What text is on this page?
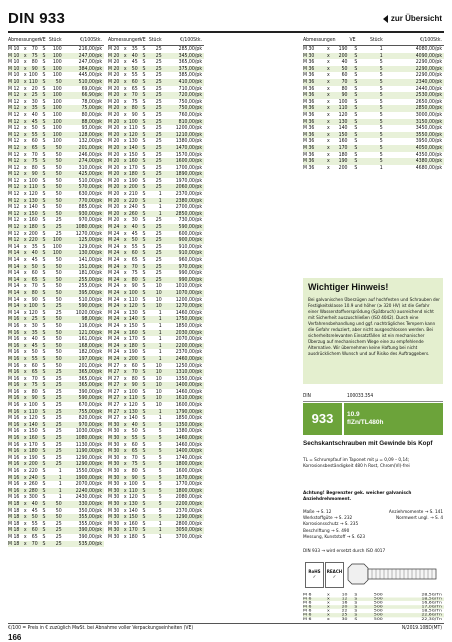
DIN 933	zur Übersicht
Abmessungen			VE	Stück	€/100Stk.
M 10	x	70	S	100	216,00/pk
M 10	x	75	S	100	247,00/pk
M 10	x	80	S	100	247,00/pk
M 10	x	90	S	100	384,00/pk
M 10	x	100	S	100	445,00/pk
M 10	x	110	S	50	510,00/pk
M 12	x	20	S	100	69,00/pk
M 12	x	25	S	100	66,90/pk
M 12	x	30	S	100	78,00/pk
M 12	x	35	S	100	75,00/pk
M 12	x	40	S	100	80,00/pk
M 12	x	45	S	100	88,00/pk
M 12	x	50	S	100	93,00/pk
M 12	x	55	S	100	128,00/pk
M 12	x	60	S	100	132,00/pk
M 12	x	65	S	50	201,00/pk
M 12	x	70	S	50	246,00/pk
M 12	x	75	S	50	274,00/pk
M 12	x	80	S	50	310,00/pk
M 12	x	90	S	50	425,00/pk
M 12	x	100	S	50	510,00/pk
M 12	x	110	S	50	570,00/pk
M 12	x	120	S	50	630,00/pk
M 12	x	130	S	50	770,00/pk
M 12	x	140	S	50	885,00/pk
M 12	x	150	S	50	930,00/pk
M 12	x	160	S	25	970,00/pk
M 12	x	180	S	25	1080,00/pk
M 12	x	200	S	25	1270,00/pk
M 12	x	220	S	100	125,00/pk
M 14	x	35	S	100	129,00/pk
M 14	x	40	S	100	130,00/pk
M 14	x	45	S	50	141,00/pk
M 14	x	50	S	50	151,00/pk
M 14	x	60	S	50	181,00/pk
M 14	x	65	S	50	255,00/pk
M 14	x	70	S	50	255,00/pk
M 14	x	80	S	50	395,00/pk
M 14	x	90	S	50	510,00/pk
M 14	x	100	S	25	590,00/pk
M 14	x	120	S	25	1020,00/pk
M 16	x	25	S	50	98,00/pk
M 16	x	30	S	50	116,00/pk
M 16	x	35	S	50	121,00/pk
M 16	x	40	S	50	161,00/pk
M 16	x	45	S	50	168,00/pk
M 16	x	50	S	50	182,00/pk
M 16	x	55	S	50	197,00/pk
M 16	x	60	S	50	201,00/pk
M 16	x	65	S	25	365,00/pk
M 16	x	70	S	25	365,00/pk
M 16	x	75	S	25	365,00/pk
M 16	x	80	S	25	390,00/pk
M 16	x	90	S	25	590,00/pk
M 16	x	100	S	25	670,00/pk
M 16	x	110	S	25	755,00/pk
M 16	x	120	S	25	820,00/pk
M 16	x	140	S	25	970,00/pk
M 16	x	150	S	25	1030,00/pk
M 16	x	160	S	25	1080,00/pk
M 16	x	170	S	25	1130,00/pk
M 16	x	180	S	25	1190,00/pk
M 16	x	190	S	25	1290,00/pk
M 16	x	200	S	25	1290,00/pk
M 16	x	220	S	1	1550,00/pk
M 16	x	240	S	1	1900,00/pk
M 16	x	260	S	1	2070,00/pk
M 16	x	280	S	1	2240,00/pk
M 16	x	300	S	1	2430,00/pk
M 18	x	40	S	50	330,00/pk
M 18	x	45	S	50	350,00/pk
M 18	x	50	S	50	355,00/pk
M 18	x	55	S	25	355,00/pk
M 18	x	60	S	25	390,00/pk
M 18	x	65	S	25	390,00/pk
M 18	x	70	S	25	535,00/pk
Abmessungen			VE	Stück	€/100Stk.
M 20	x	35	S	25	285,00/pk
M 20	x	40	S	25	345,00/pk
M 20	x	45	S	25	365,00/pk
M 20	x	50	S	25	375,00/pk
M 20	x	55	S	25	385,00/pk
M 20	x	60	S	25	410,00/pk
M 20	x	65	S	25	710,00/pk
M 20	x	70	S	25	720,00/pk
M 20	x	75	S	25	750,00/pk
M 20	x	80	S	25	750,00/pk
M 20	x	90	S	25	760,00/pk
M 20	x	100	S	25	810,00/pk
M 20	x	110	S	25	1200,00/pk
M 20	x	120	S	25	1210,00/pk
M 20	x	130	S	25	1380,00/pk
M 20	x	140	S	25	1470,00/pk
M 20	x	150	S	25	1570,00/pk
M 20	x	160	S	25	1600,00/pk
M 20	x	170	S	25	1700,00/pk
M 20	x	180	S	25	1890,00/pk
M 20	x	190	S	25	1970,00/pk
M 20	x	200	S	25	2060,00/pk
M 20	x	210	S	1	2370,00/pk
M 20	x	220	S	1	2380,00/pk
M 20	x	240	S	1	2700,00/pk
M 20	x	260	S	1	2850,00/pk
M 20	x	30	S	25	730,00/pk
M 24	x	40	S	25	590,00/pk
M 24	x	45	S	25	600,00/pk
M 24	x	50	S	25	900,00/pk
M 24	x	55	S	25	910,00/pk
M 24	x	60	S	25	910,00/pk
M 24	x	65	S	25	960,00/pk
M 24	x	70	S	25	970,00/pk
M 24	x	75	S	25	990,00/pk
M 24	x	80	S	25	990,00/pk
M 24	x	90	S	10	1010,00/pk
M 24	x	100	S	10	1070,00/pk
M 24	x	110	S	10	1200,00/pk
M 24	x	120	S	10	1270,00/pk
M 24	x	130	S	1	1460,00/pk
M 24	x	140	S	1	1750,00/pk
M 24	x	150	S	1	1850,00/pk
M 24	x	160	S	1	2030,00/pk
M 24	x	170	S	1	2070,00/pk
M 24	x	180	S	1	2200,00/pk
M 24	x	190	S	1	2370,00/pk
M 24	x	200	S	1	2460,00/pk
M 27	x	60	S	10	1250,00/pk
M 27	x	70	S	10	1310,00/pk
M 27	x	80	S	10	1350,00/pk
M 27	x	90	S	10	1400,00/pk
M 27	x	100	S	10	1460,00/pk
M 27	x	110	S	10	1610,00/pk
M 27	x	120	S	10	1600,00/pk
M 27	x	130	S	1	1790,00/pk
M 27	x	140	S	1	1850,00/pk
M 30	x	40	S	5	1350,00/pk
M 30	x	50	S	5	1380,00/pk
M 30	x	55	S	5	1460,00/pk
M 30	x	60	S	5	1460,00/pk
M 30	x	65	S	5	1400,00/pk
M 30	x	70	S	5	1740,00/pk
M 30	x	75	S	5	1800,00/pk
M 30	x	80	S	5	1600,00/pk
M 30	x	90	S	5	1670,00/pk
M 30	x	100	S	5	1770,00/pk
M 30	x	110	S	5	1800,00/pk
M 30	x	120	S	5	2080,00/pk
M 30	x	130	S	5	2200,00/pk
M 30	x	140	S	5	2370,00/pk
M 30	x	150	S	5	1290,00/pk
M 30	x	160	S	1	2800,00/pk
M 30	x	170	S	1	3050,00/pk
M 30	x	180	S	1	3700,00/pk
Abmessungen			VE	Stück	€/100Stk.
M 30	x	190	S	1	4080,00/pk
M 30	x	200	S	1	4090,00/pk
M 36	x	40	S	5	2290,00/pk
M 36	x	50	S	5	2290,00/pk
M 36	x	60	S	5	2290,00/pk
M 36	x	70	S	5	2340,00/pk
M 36	x	80	S	5	2440,00/pk
M 36	x	90	S	5	2530,00/pk
M 36	x	100	S	5	2650,00/pk
M 36	x	110	S	5	2850,00/pk
M 36	x	120	S	5	3000,00/pk
M 36	x	130	S	5	3150,00/pk
M 36	x	140	S	5	3450,00/pk
M 36	x	150	S	5	3550,00/pk
M 36	x	160	S	5	3950,00/pk
M 36	x	170	S	5	4050,00/pk
M 36	x	180	S	5	4350,00/pk
M 36	x	190	S	5	4380,00/pk
M 36	x	200	S	1	4680,00/pk
M 6	x	10	S	500	28,50/Tn
M 6	x	12	S	500	18,50/Tn
M 6	x	16	S	500	16,60/Tn
M 6	x	20	S	500	17,00/Tn
M 6	x	22	S	500	18,50/Tn
M 6	x	25	S	500	22,60/Tn
M 6	x	30	S	500	22,30/Tn
Wichtiger Hinweis!
Bei galvanischen Überzügen auf hochfesten und Schrauben der Festigkeitsklasse 10.9 und höher (≥ 320 HV) ist die Gefahr einer Wasserstoffversprödung (Spätbruch) ausreichend nicht mit Sicherheit auszuschließen (ISO 4042). Durch eine Verfahrensbehandlung und ggf. nachträgliches Tempern kann die Gefahr reduziert, aber nicht ausgeschlossen werden. Bei sicherheitsrelevanten Einsatzfällen ist ein mechanischer Überzug auf mechanischem Wege eine zu empfehlende Alternative. Wir übernehmen keine Haftung bei nicht ausdrücklichem Wunsch und auf Risiko des Auftraggebers.
DIN	100033.354
933	10.9
flZn/TL480h
Sechskantschrauben mit Gewinde bis Kopf
TL = Schrumpfauf im Taponet mit µ = 0,09 – 0,14; Korrosionsbeständigkeit 480 h Rost, Chrom(VI)-frei
Achtung! Begrenzter gek. weicher galvanisch Anziehdrehmoment.
Maße → S. 12	Anziehmomente → S. 141
Werkstoffgüte → S. 232	Normwert ungl. → S. 4
Korrosionsschutz → S. 235
Beschriftung → S. 490
Messung, Kunststoff → S. 623
DIN 933 → wird ersetzt durch ISO 4017
RoHS
✓
REACH
✓
€/100 = Preis in € zuzüglich MwSt. bei Abnahme voller Verpackungseinheiten (VE)	N/2019.10BD(MT)
166
